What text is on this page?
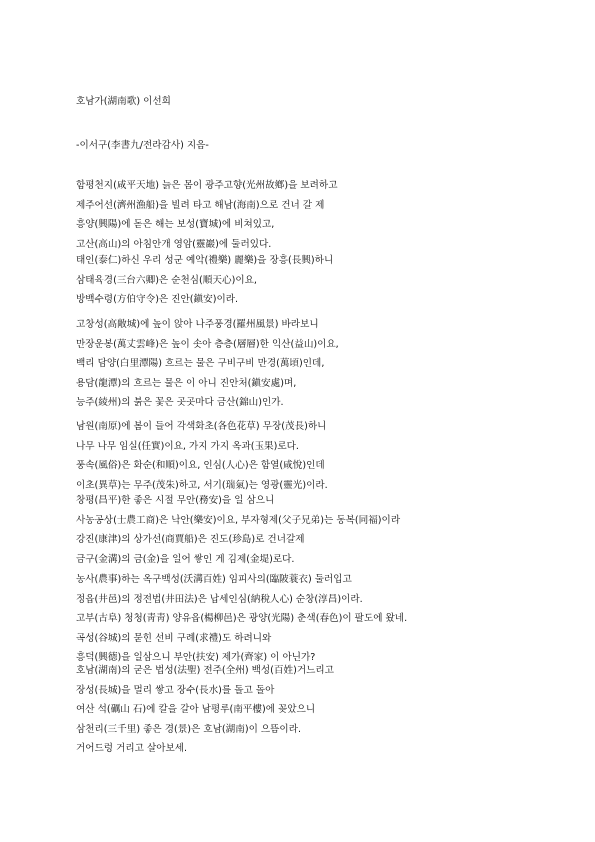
호남가(湖南歌) 이선희
-이서구(李書九/전라감사) 지음-
함평천지(咸平天地) 늙은 몸이 광주고향(光州故鄕)을 보려하고
제주어선(濟州漁船)을 빌려 타고 해남(海南)으로 건너 갈 제
흥양(興陽)에 돋은 해는 보성(寶城)에 비쳐있고,
고산(高山)의 아침안개 영암(靈巖)에 둘러있다.
태인(泰仁)하신 우리 성군 예악(禮樂) 麗樂)을 장흥(長興)하니
삼태육경(三台六卿)은 순천심(順天心)이요,
방백수령(方伯守令)은 진안(鎭安)이라.
고창성(高敞城)에 높이 앉아 나주풍경(羅州風景) 바라보니
만장운봉(萬丈雲峰)은 높이 솟아 층층(層層)한 익산(益山)이요,
백리 담양(白里潭陽) 흐르는 물은 구비구비 만경(萬頃)인데,
용담(龍潭)의 흐르는 물은 이 아니 진안처(鎭安處)며,
능주(綾州)의 붉은 꽃은 곳곳마다 금산(錦山)인가.
남원(南原)에 봄이 들어 각색화초(各色花草) 무장(茂長)하니
나무 나무 임실(任實)이요, 가지 가지 옥과(玉果)로다.
풍속(風俗)은 화순(和順)이요, 인심(人心)은 함열(咸悅)인데
이초(異草)는 무주(茂朱)하고, 서기(瑞氣)는 영광(靈光)이라.
창평(昌平)한 좋은 시절 무안(務安)을 일 삼으니
사농공상(士農工商)은 낙안(樂安)이요, 부자형제(父子兄弟)는 동복(同福)이라
강진(康津)의 상가선(商賈船)은 진도(珍島)로 건너갈제
금구(金溝)의 금(金)을 일어 쌓인 게 김제(金堤)로다.
농사(農事)하는 옥구백성(沃溝百姓) 임피사의(臨陂蓑衣) 둘러입고
정읍(井邑)의 정전법(井田法)은 납세인심(納稅人心) 순창(淳昌)이라.
고부(古阜) 청청(靑靑) 양유읍(楊柳邑)은 광양(光陽) 춘색(春色)이 팔도에 왔네.
곡성(谷城)의 묻힌 선비 구례(求禮)도 하려니와
흥덕(興德)을 일삼으니 부안(扶安) 제가(齊家) 이 아닌가?
호남(湖南)의 굳은 법성(法聖) 전주(全州) 백성(百姓)거느리고
장성(長城)을 멀리 쌓고 장수(長水)를 돌고 돌아
여산 석(礪山 石)에 칼을 갈아 남평루(南平樓)에 꽂았으니
삼천리(三千里) 좋은 경(景)은 호남(湖南)이 으뜸이라.
거어드렁 거리고 살아보세.
